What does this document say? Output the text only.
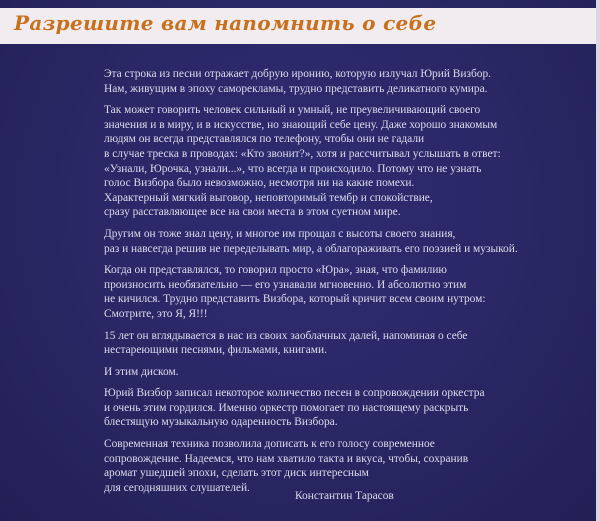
Разрешите вам напомнить о себе

Эта строка из песни отражает добрую иронию, которую излучал Юрий Визбор.
Нам, живущим в эпоху саморекламы, трудно представить деликатного кумира.

Так может говорить человек сильный и умный, не преувеличивающий своего
значения и в миру, и в искусстве, но знающий себе цену. Даже хорошо знакомым
людям он всегда представлялся по телефону, чтобы они не гадали
в случае треска в проводах: «Кто звонит?», хотя и рассчитывал услышать в ответ:
«Узнали, Юрочка, узнали...», что всегда и происходило. Потому что не узнать
голос Визбора было невозможно, несмотря ни на какие помехи.
Характерный мягкий выговор, неповторимый тембр и спокойствие,
сразу расставляющее все на свои места в этом суетном мире.

Другим он тоже знал цену, и многое им прощал с высоты своего знания,
раз и навсегда решив не переделывать мир, а облагораживать его поэзией и музыкой.

Когда он представлялся, то говорил просто «Юра», зная, что фамилию
произносить необязательно — его узнавали мгновенно. И абсолютно этим
не кичился. Трудно представить Визбора, который кричит всем своим нутром:
Смотрите, это Я, Я!!!

15 лет он вглядывается в нас из своих заоблачных далей, напоминая о себе
нестареющими песнями, фильмами, книгами.

И этим диском.

Юрий Визбор записал некоторое количество песен в сопровождении оркестра
и очень этим гордился. Именно оркестр помогает по настоящему раскрыть
блестящую музыкальную одаренность Визбора.

Современная техника позволила дописать к его голосу современное
сопровождение. Надеемся, что нам хватило такта и вкуса, чтобы, сохранив
аромат ушедшей эпохи, сделать этот диск интересным
для сегодняшних слушателей.

Константин Тарасов
